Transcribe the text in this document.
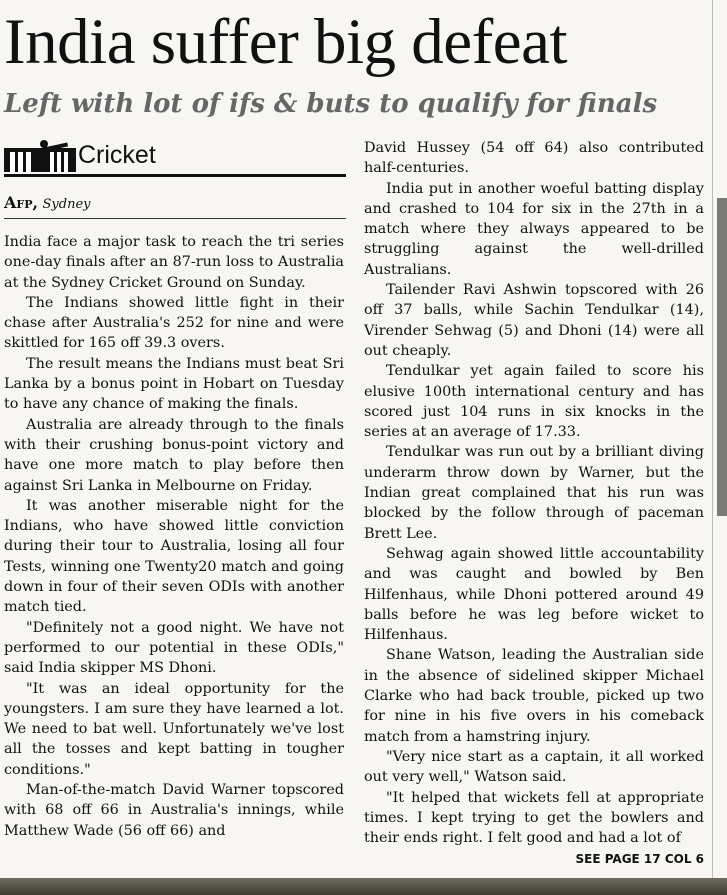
India suffer big defeat
Left with lot of ifs & buts to qualify for finals
Cricket
Afp, Sydney

India face a major task to reach the tri series one-day finals after an 87-run loss to Australia at the Sydney Cricket Ground on Sunday.

The Indians showed little fight in their chase after Australia's 252 for nine and were skittled for 165 off 39.3 overs.

The result means the Indians must beat Sri Lanka by a bonus point in Hobart on Tuesday to have any chance of making the finals.

Australia are already through to the finals with their crushing bonus-point victory and have one more match to play before then against Sri Lanka in Melbourne on Friday.

It was another miserable night for the Indians, who have showed little conviction during their tour to Australia, losing all four Tests, winning one Twenty20 match and going down in four of their seven ODIs with another match tied.

"Definitely not a good night. We have not performed to our potential in these ODIs," said India skipper MS Dhoni.

"It was an ideal opportunity for the youngsters. I am sure they have learned a lot. We need to bat well. Unfortunately we've lost all the tosses and kept batting in tougher conditions."

Man-of-the-match David Warner topscored with 68 off 66 in Australia's innings, while Matthew Wade (56 off 66) and

David Hussey (54 off 64) also contributed half-centuries.

India put in another woeful batting display and crashed to 104 for six in the 27th in a match where they always appeared to be struggling against the well-drilled Australians.

Tailender Ravi Ashwin topscored with 26 off 37 balls, while Sachin Tendulkar (14), Virender Sehwag (5) and Dhoni (14) were all out cheaply.

Tendulkar yet again failed to score his elusive 100th international century and has scored just 104 runs in six knocks in the series at an average of 17.33.

Tendulkar was run out by a brilliant diving underarm throw down by Warner, but the Indian great complained that his run was blocked by the follow through of paceman Brett Lee.

Sehwag again showed little accountability and was caught and bowled by Ben Hilfenhaus, while Dhoni pottered around 49 balls before he was leg before wicket to Hilfenhaus.

Shane Watson, leading the Australian side in the absence of sidelined skipper Michael Clarke who had back trouble, picked up two for nine in his five overs in his comeback match from a hamstring injury.

"Very nice start as a captain, it all worked out very well," Watson said.

"It helped that wickets fell at appropriate times. I kept trying to get the bowlers and their ends right. I felt good and had a lot of

SEE PAGE 17 COL 6
